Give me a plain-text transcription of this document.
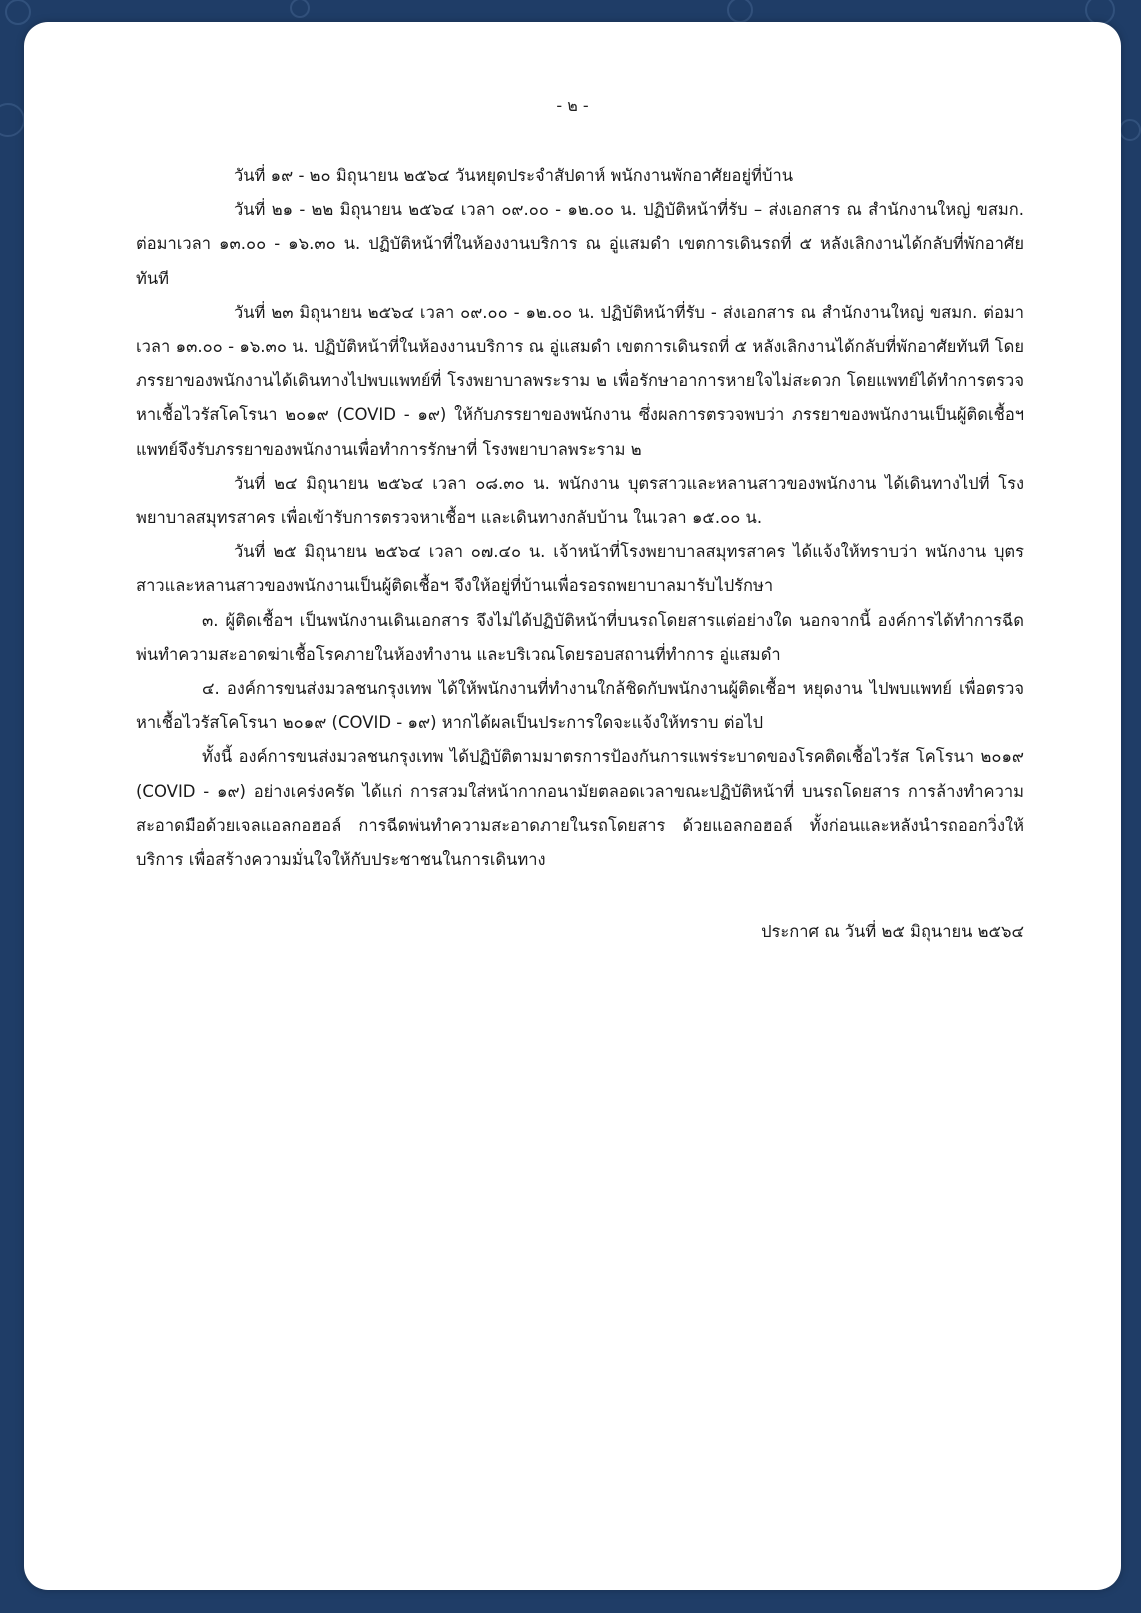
- ๒ -

วันที่ ๑๙ - ๒๐ มิถุนายน ๒๕๖๔ วันหยุดประจำสัปดาห์ พนักงานพักอาศัยอยู่ที่บ้าน

วันที่ ๒๑ - ๒๒ มิถุนายน ๒๕๖๔ เวลา ๐๙.๐๐ - ๑๒.๐๐ น. ปฏิบัติหน้าที่รับ – ส่งเอกสาร ณ สำนักงานใหญ่ ขสมก. ต่อมาเวลา ๑๓.๐๐ - ๑๖.๓๐ น. ปฏิบัติหน้าที่ในห้องงานบริการ ณ อู่แสมดำ เขตการเดินรถที่ ๕ หลังเลิกงานได้กลับที่พักอาศัยทันที

วันที่ ๒๓ มิถุนายน ๒๕๖๔ เวลา ๐๙.๐๐ - ๑๒.๐๐ น. ปฏิบัติหน้าที่รับ - ส่งเอกสาร ณ สำนักงานใหญ่ ขสมก. ต่อมาเวลา ๑๓.๐๐ - ๑๖.๓๐ น. ปฏิบัติหน้าที่ในห้องงานบริการ ณ อู่แสมดำ เขตการเดินรถที่ ๕ หลังเลิกงานได้กลับที่พักอาศัยทันที โดยภรรยาของพนักงานได้เดินทางไปพบแพทย์ที่ โรงพยาบาลพระราม ๒ เพื่อรักษาอาการหายใจไม่สะดวก โดยแพทย์ได้ทำการตรวจหาเชื้อไวรัสโคโรนา ๒๐๑๙ (COVID - ๑๙) ให้กับภรรยาของพนักงาน ซึ่งผลการตรวจพบว่า ภรรยาของพนักงานเป็นผู้ติดเชื้อฯ แพทย์จึงรับภรรยาของพนักงานเพื่อทำการรักษาที่ โรงพยาบาลพระราม ๒

วันที่ ๒๔ มิถุนายน ๒๕๖๔ เวลา ๐๘.๓๐ น. พนักงาน บุตรสาวและหลานสาวของพนักงาน ได้เดินทางไปที่ โรงพยาบาลสมุทรสาคร เพื่อเข้ารับการตรวจหาเชื้อฯ และเดินทางกลับบ้าน ในเวลา ๑๕.๐๐ น.

วันที่ ๒๕ มิถุนายน ๒๕๖๔ เวลา ๐๗.๔๐ น. เจ้าหน้าที่โรงพยาบาลสมุทรสาคร ได้แจ้งให้ทราบว่า พนักงาน บุตรสาวและหลานสาวของพนักงานเป็นผู้ติดเชื้อฯ จึงให้อยู่ที่บ้านเพื่อรอรถพยาบาลมารับไปรักษา

๓. ผู้ติดเชื้อฯ เป็นพนักงานเดินเอกสาร จึงไม่ได้ปฏิบัติหน้าที่บนรถโดยสารแต่อย่างใด นอกจากนี้ องค์การได้ทำการฉีดพ่นทำความสะอาดฆ่าเชื้อโรคภายในห้องทำงาน และบริเวณโดยรอบสถานที่ทำการ อู่แสมดำ

๔. องค์การขนส่งมวลชนกรุงเทพ ได้ให้พนักงานที่ทำงานใกล้ชิดกับพนักงานผู้ติดเชื้อฯ หยุดงาน ไปพบแพทย์ เพื่อตรวจหาเชื้อไวรัสโคโรนา ๒๐๑๙ (COVID - ๑๙) หากได้ผลเป็นประการใดจะแจ้งให้ทราบ ต่อไป

ทั้งนี้ องค์การขนส่งมวลชนกรุงเทพ ได้ปฏิบัติตามมาตรการป้องกันการแพร่ระบาดของโรคติดเชื้อไวรัส โคโรนา ๒๐๑๙ (COVID - ๑๙) อย่างเคร่งครัด ได้แก่ การสวมใส่หน้ากากอนามัยตลอดเวลาขณะปฏิบัติหน้าที่ บนรถโดยสาร การล้างทำความสะอาดมือด้วยเจลแอลกอฮอล์ การฉีดพ่นทำความสะอาดภายในรถโดยสาร ด้วยแอลกอฮอล์ ทั้งก่อนและหลังนำรถออกวิ่งให้บริการ เพื่อสร้างความมั่นใจให้กับประชาชนในการเดินทาง

ประกาศ ณ วันที่ ๒๕ มิถุนายน ๒๕๖๔
